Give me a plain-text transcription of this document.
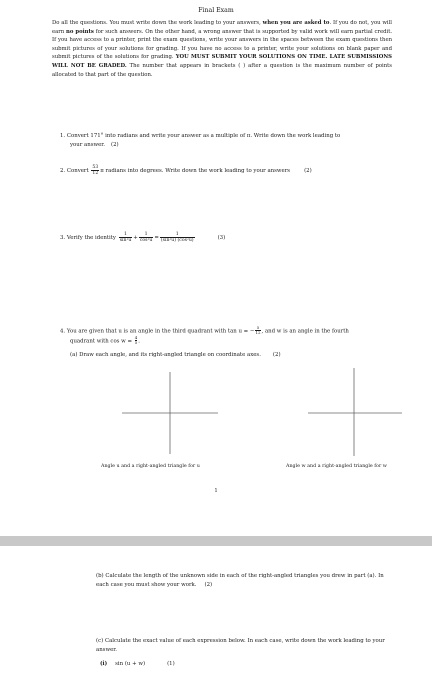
Final Exam
Do all the questions. You must write down the work leading to your answers, when you are asked to. If you do not, you will earn no points for such answers. On the other hand, a wrong answer that is supported by valid work will earn partial credit. If you have access to a printer, print the exam questions, write your answers in the spaces between the exam questions then submit pictures of your solutions for grading. If you have no access to a printer, write your solutions on blank paper and submit pictures of the solutions for grading. YOU MUST SUBMIT YOUR SOLUTIONS ON TIME. LATE SUBMISSIONS WILL NOT BE GRADED. The number that appears in brackets ( ) after a question is the maximum number of points allocated to that part of the question.
1. Convert 171° into radians and write your answer as a multiple of π. Write down the work leading to
your answer. (2)
2. Convert $\frac{53}{12}$ π radians into degrees. Write down the work leading to your answers	(2)
3. Verify the identity $\frac{1}{\text{sin²u}} + \frac{1}{\text{cos²u}} = \frac{1}{\text{(sin²u) (cos²u)}}$	(3)
4. You are given that u is an angle in the third quadrant with tan u = − $\frac{5}{12}$ , and w is an angle in the fourth
quadrant with $\cos w = \frac{4}{5}$ .
(a) Draw each angle, and its right-angled triangle on coordinate axes. (2)
Angle u and a right-angled triangle for u	Angle w and a right-angled triangle for w
1
(b) Calculate the length of the unknown side in each of the right-angled triangles you drew in part (a). In each case you must show your work. (2)
(c) Calculate the exact value of each expression below. In each case, write down the work leading to your answer.
(i) sin (u + w)	(1)
